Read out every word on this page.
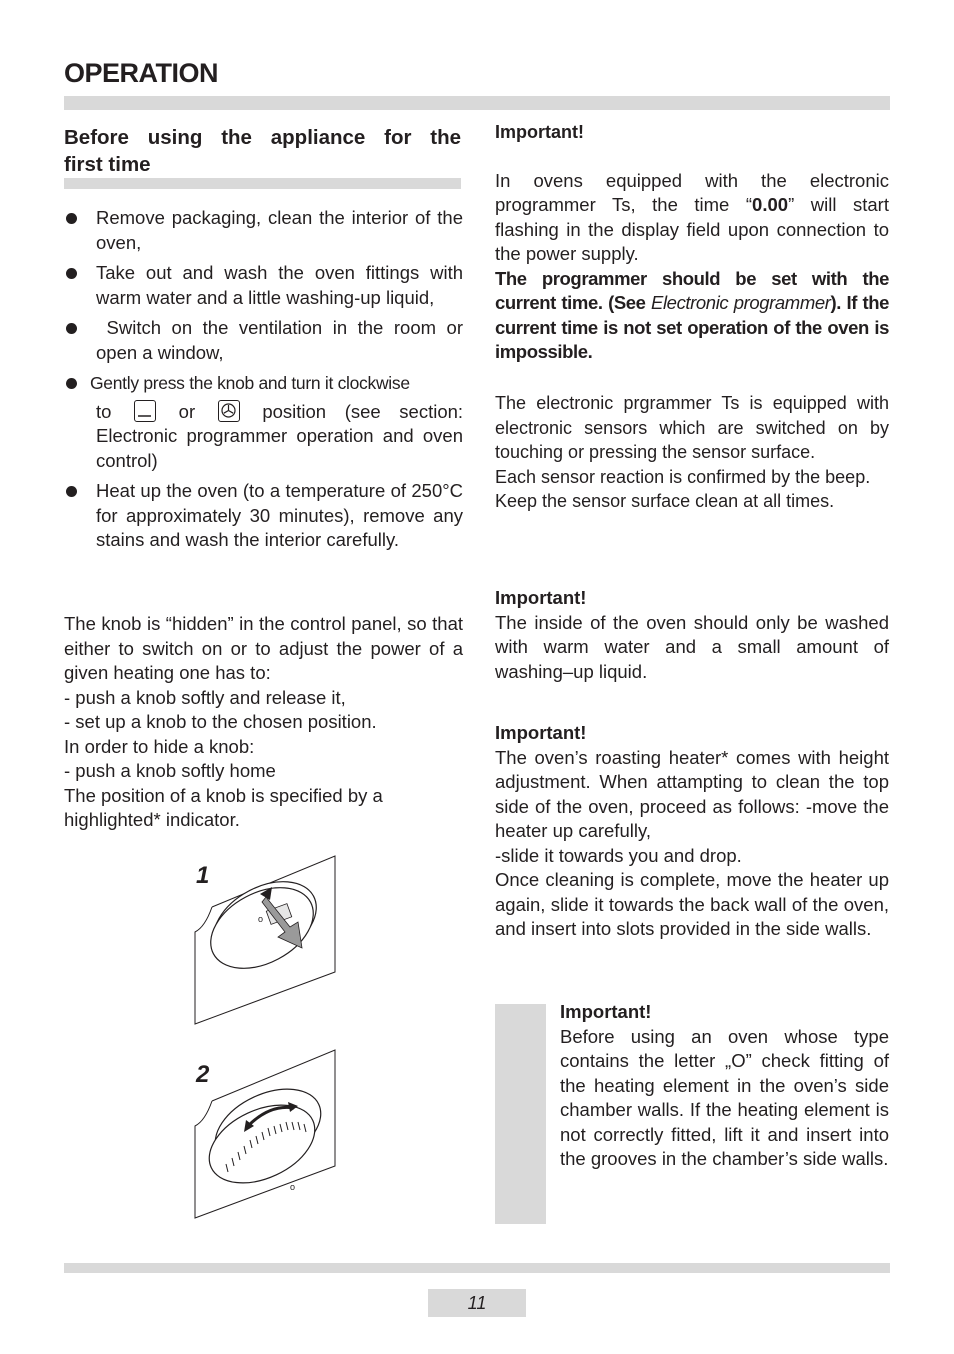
OPERATION
Before using the appliance for the
first time
Remove packaging, clean the interior of the oven,
Take out and wash the oven fittings with warm water and a little washing-up liquid,
Switch on the ventilation in the room or open a window,
Gently press the knob and turn it clockwise
to	or	position (see section: Electronic programmer operation and oven control)
Heat up the oven (to a temperature of 250°C for approximately 30 minutes), remove any stains and wash the interior carefully.
The knob is “hidden” in the control panel, so that either to switch on or to adjust the power of a given heating one has to:
- push a knob softly and release it,
- set up a knob to the chosen position.
In order to hide a knob:
- push a knob softly home
The position of a knob is specified by a highlighted* indicator.
1
o
2
o
Important!
In ovens equipped with the electronic programmer Ts, the time “0.00” will start flashing in the display field upon connection to the power supply.
The programmer should be set with the current time. (See Electronic programmer). If the current time is not set operation of the oven is impossible.
The electronic prgrammer Ts is equipped with electronic sensors which are switched on by touching or pressing the sensor surface.
Each sensor reaction is confirmed by the beep.
Keep the sensor surface clean at all times.
Important!
The inside of the oven should only be washed with warm water and a small amount of washing–up liquid.
Important!
The oven’s roasting heater* comes with height adjustment. When attampting to clean the top side of the oven, proceed as follows: -move the heater up carefully,
-slide it towards you and drop.
Once cleaning is complete, move the heater up again, slide it towards the back wall of the oven, and insert into slots provided in the side walls.
Important!
Before using an oven whose type contains the letter „O” check fitting of the heating element in the oven’s side chamber walls. If the heating element is not correctly fitted, lift it and insert into the grooves in the chamber’s side walls.
11
